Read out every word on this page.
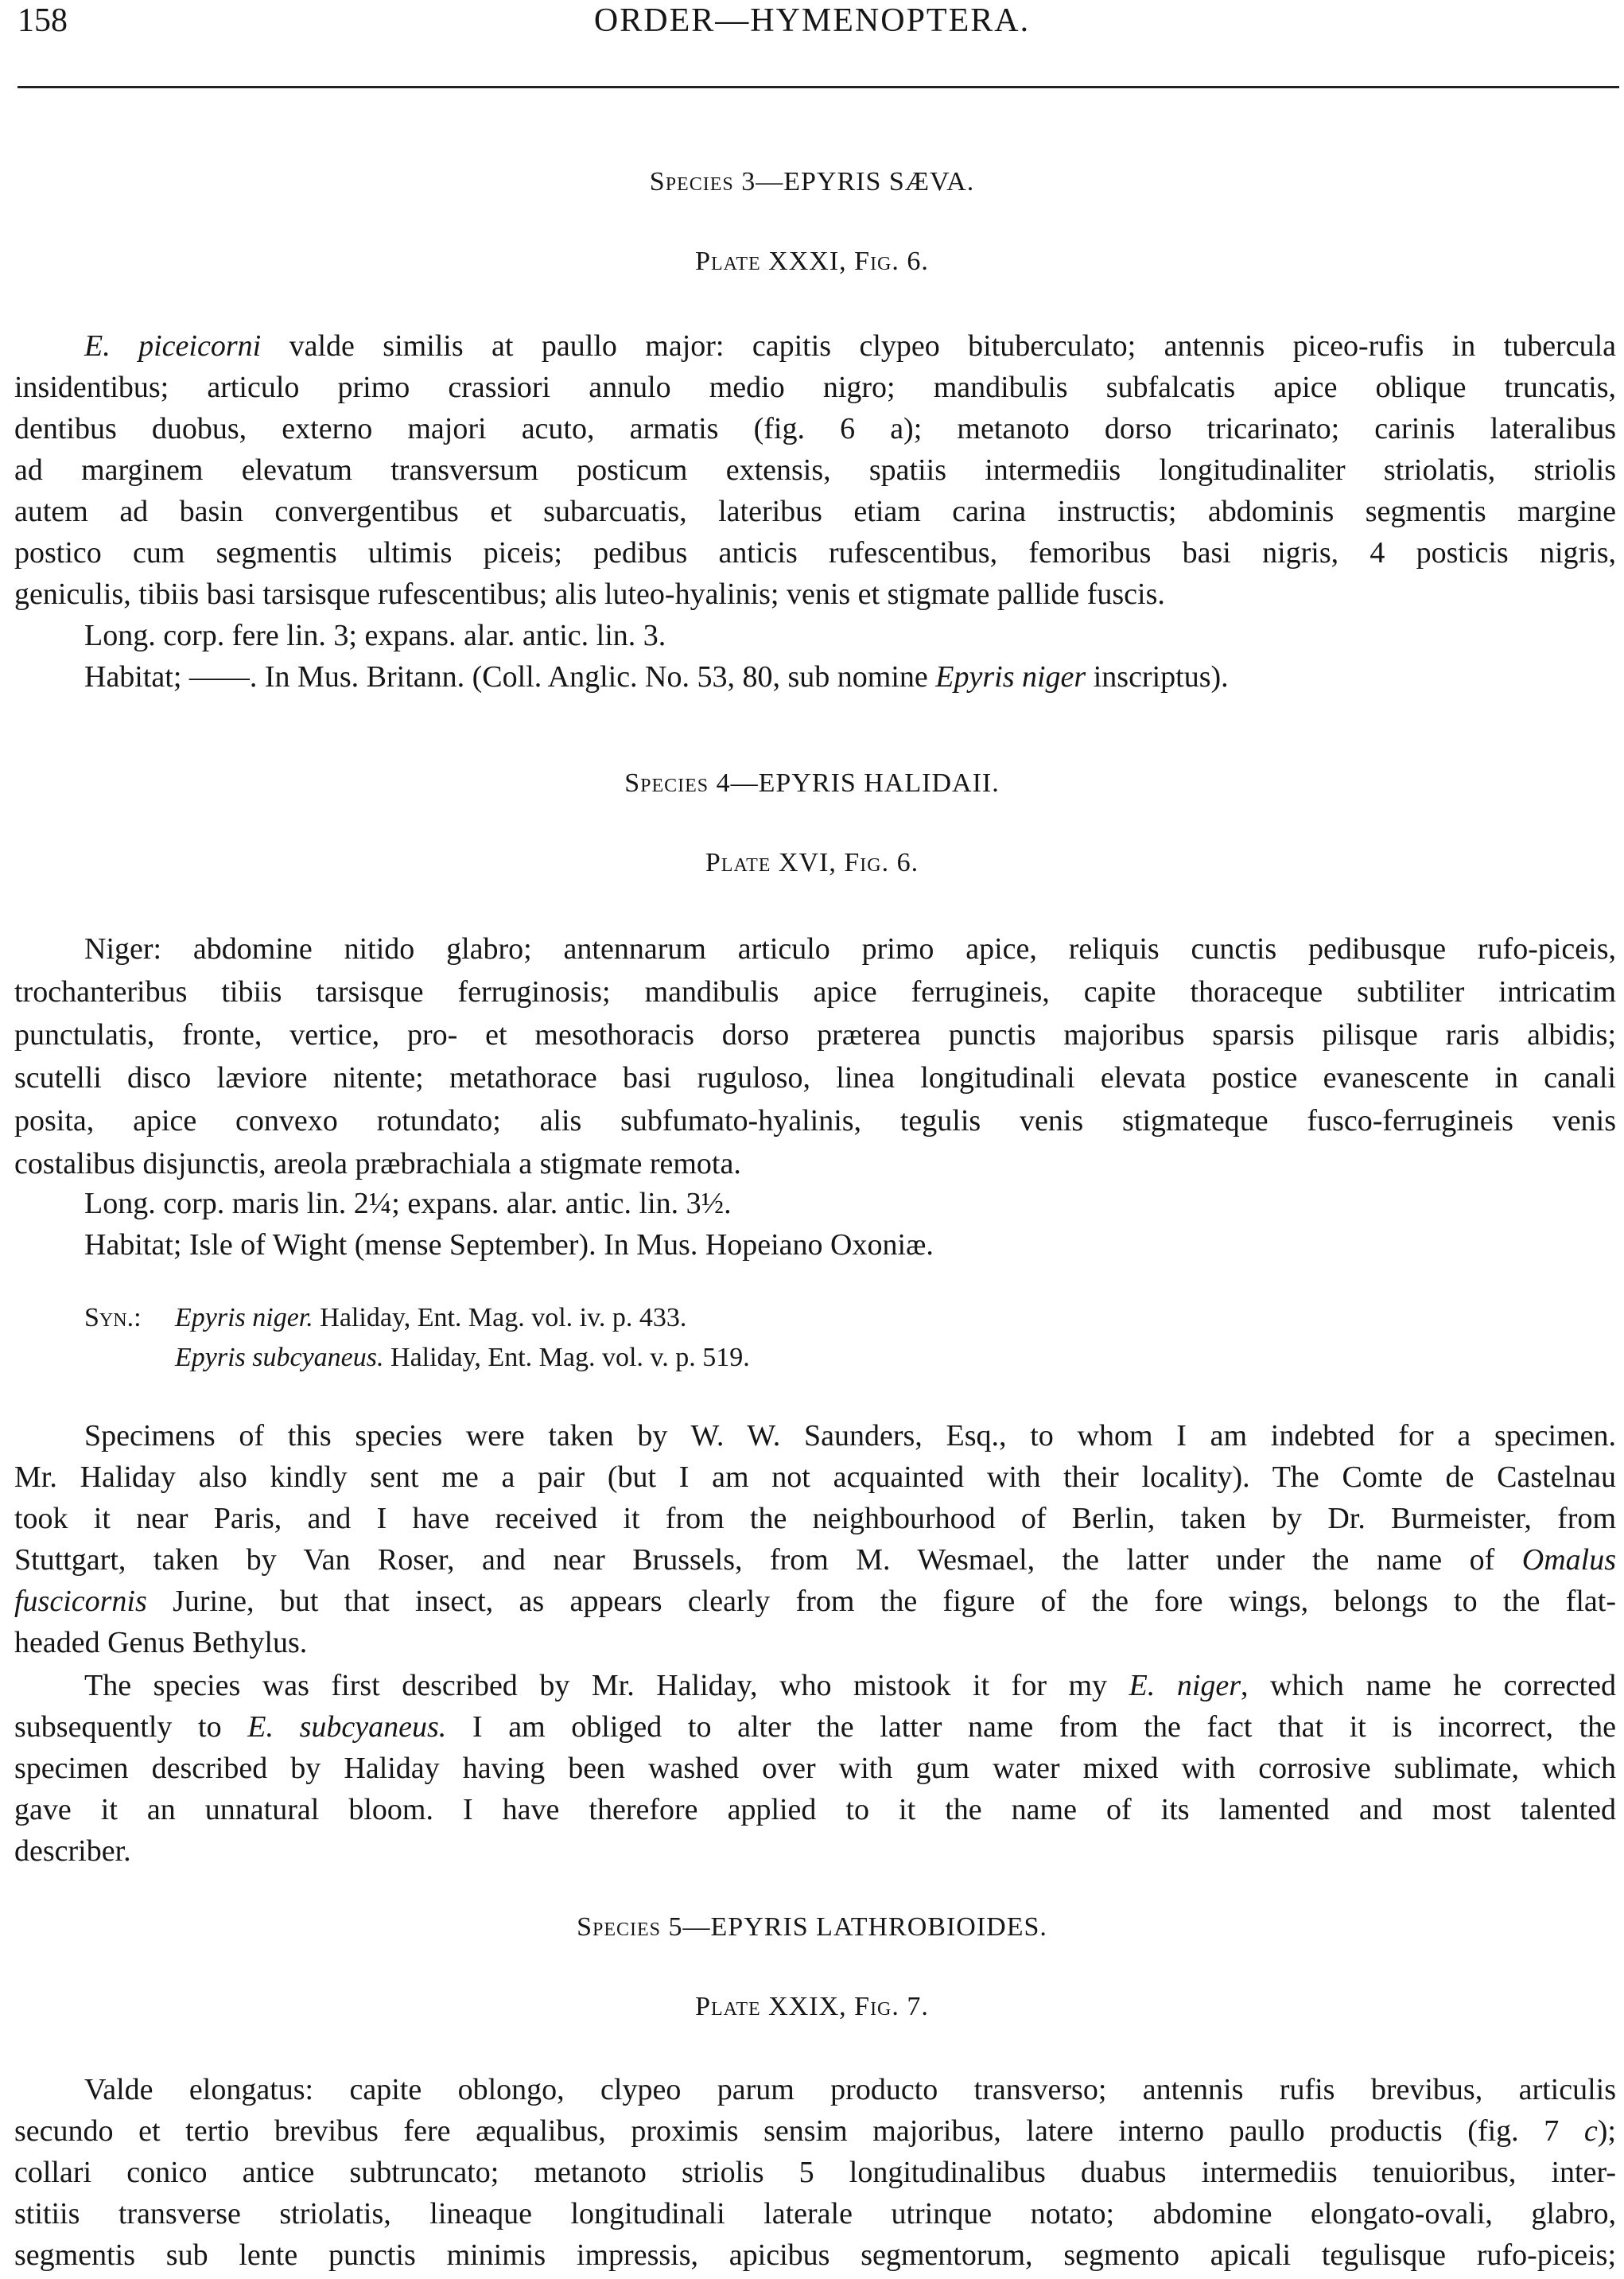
158	ORDER—HYMENOPTERA.
Species 3—EPYRIS SÆVA.
Plate XXXI, Fig. 6.
E. piceicorni valde similis at paullo major: capitis clypeo bituberculato; antennis piceo-rufis in tubercula
insidentibus; articulo primo crassiori annulo medio nigro; mandibulis subfalcatis apice oblique truncatis,
dentibus duobus, externo majori acuto, armatis (fig. 6 a); metanoto dorso tricarinato; carinis lateralibus
ad marginem elevatum transversum posticum extensis, spatiis intermediis longitudinaliter striolatis, striolis
autem ad basin convergentibus et subarcuatis, lateribus etiam carina instructis; abdominis segmentis margine
postico cum segmentis ultimis piceis; pedibus anticis rufescentibus, femoribus basi nigris, 4 posticis nigris,
geniculis, tibiis basi tarsisque rufescentibus; alis luteo-hyalinis; venis et stigmate pallide fuscis.
Long. corp. fere lin. 3; expans. alar. antic. lin. 3.
Habitat; ——. In Mus. Britann. (Coll. Anglic. No. 53, 80, sub nomine Epyris niger inscriptus).
Species 4—EPYRIS HALIDAII.
Plate XVI, Fig. 6.
Niger: abdomine nitido glabro; antennarum articulo primo apice, reliquis cunctis pedibusque rufo-piceis,
trochanteribus tibiis tarsisque ferruginosis; mandibulis apice ferrugineis, capite thoraceque subtiliter intricatim
punctulatis, fronte, vertice, pro- et mesothoracis dorso præterea punctis majoribus sparsis pilisque raris albidis;
scutelli disco læviore nitente; metathorace basi ruguloso, linea longitudinali elevata postice evanescente in canali
posita, apice convexo rotundato; alis subfumato-hyalinis, tegulis venis stigmateque fusco-ferrugineis venis
costalibus disjunctis, areola præbrachiala a stigmate remota.
Long. corp. maris lin. 2¼; expans. alar. antic. lin. 3½.
Habitat; Isle of Wight (mense September). In Mus. Hopeiano Oxoniæ.
Syn.: Epyris niger. Haliday, Ent. Mag. vol. iv. p. 433.
Epyris subcyaneus. Haliday, Ent. Mag. vol. v. p. 519.
Specimens of this species were taken by W. W. Saunders, Esq., to whom I am indebted for a specimen.
Mr. Haliday also kindly sent me a pair (but I am not acquainted with their locality). The Comte de Castelnau
took it near Paris, and I have received it from the neighbourhood of Berlin, taken by Dr. Burmeister, from
Stuttgart, taken by Van Roser, and near Brussels, from M. Wesmael, the latter under the name of Omalus
fuscicornis Jurine, but that insect, as appears clearly from the figure of the fore wings, belongs to the flat-
headed Genus Bethylus.
The species was first described by Mr. Haliday, who mistook it for my E. niger, which name he corrected
subsequently to E. subcyaneus. I am obliged to alter the latter name from the fact that it is incorrect, the
specimen described by Haliday having been washed over with gum water mixed with corrosive sublimate, which
gave it an unnatural bloom. I have therefore applied to it the name of its lamented and most talented
describer.
Species 5—EPYRIS LATHROBIOIDES.
Plate XXIX, Fig. 7.
Valde elongatus: capite oblongo, clypeo parum producto transverso; antennis rufis brevibus, articulis
secundo et tertio brevibus fere æqualibus, proximis sensim majoribus, latere interno paullo productis (fig. 7 c);
collari conico antice subtruncato; metanoto striolis 5 longitudinalibus duabus intermediis tenuioribus, inter-
stitiis transverse striolatis, lineaque longitudinali laterale utrinque notato; abdomine elongato-ovali, glabro,
segmentis sub lente punctis minimis impressis, apicibus segmentorum, segmento apicali tegulisque rufo-piceis;
